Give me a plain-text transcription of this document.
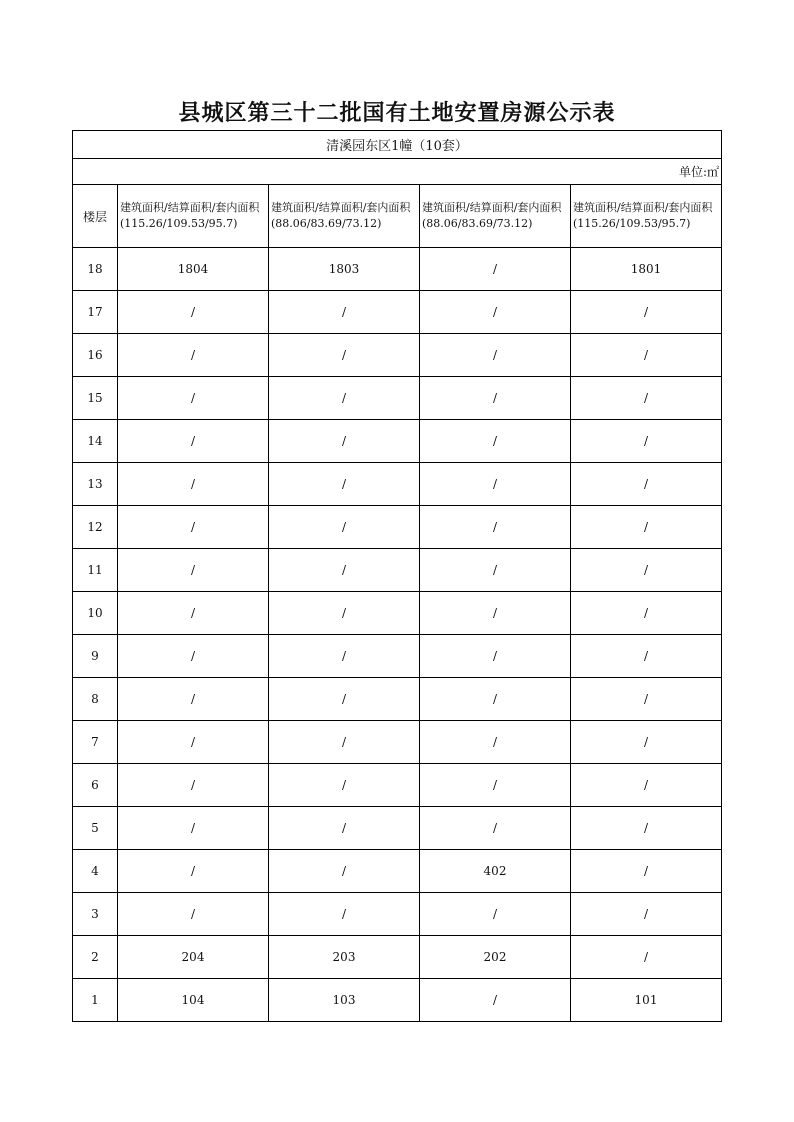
县城区第三十二批国有土地安置房源公示表
清溪园东区1幢（10套）				
单位:㎡				
楼层	建筑面积/结算面积/套内面积(115.26/109.53/95.7)	建筑面积/结算面积/套内面积(88.06/83.69/73.12)	建筑面积/结算面积/套内面积(88.06/83.69/73.12)	建筑面积/结算面积/套内面积(115.26/109.53/95.7)
18	1804	1803	/	1801
17	/	/	/	/
16	/	/	/	/
15	/	/	/	/
14	/	/	/	/
13	/	/	/	/
12	/	/	/	/
11	/	/	/	/
10	/	/	/	/
9	/	/	/	/
8	/	/	/	/
7	/	/	/	/
6	/	/	/	/
5	/	/	/	/
4	/	/	402	/
3	/	/	/	/
2	204	203	202	/
1	104	103	/	101
